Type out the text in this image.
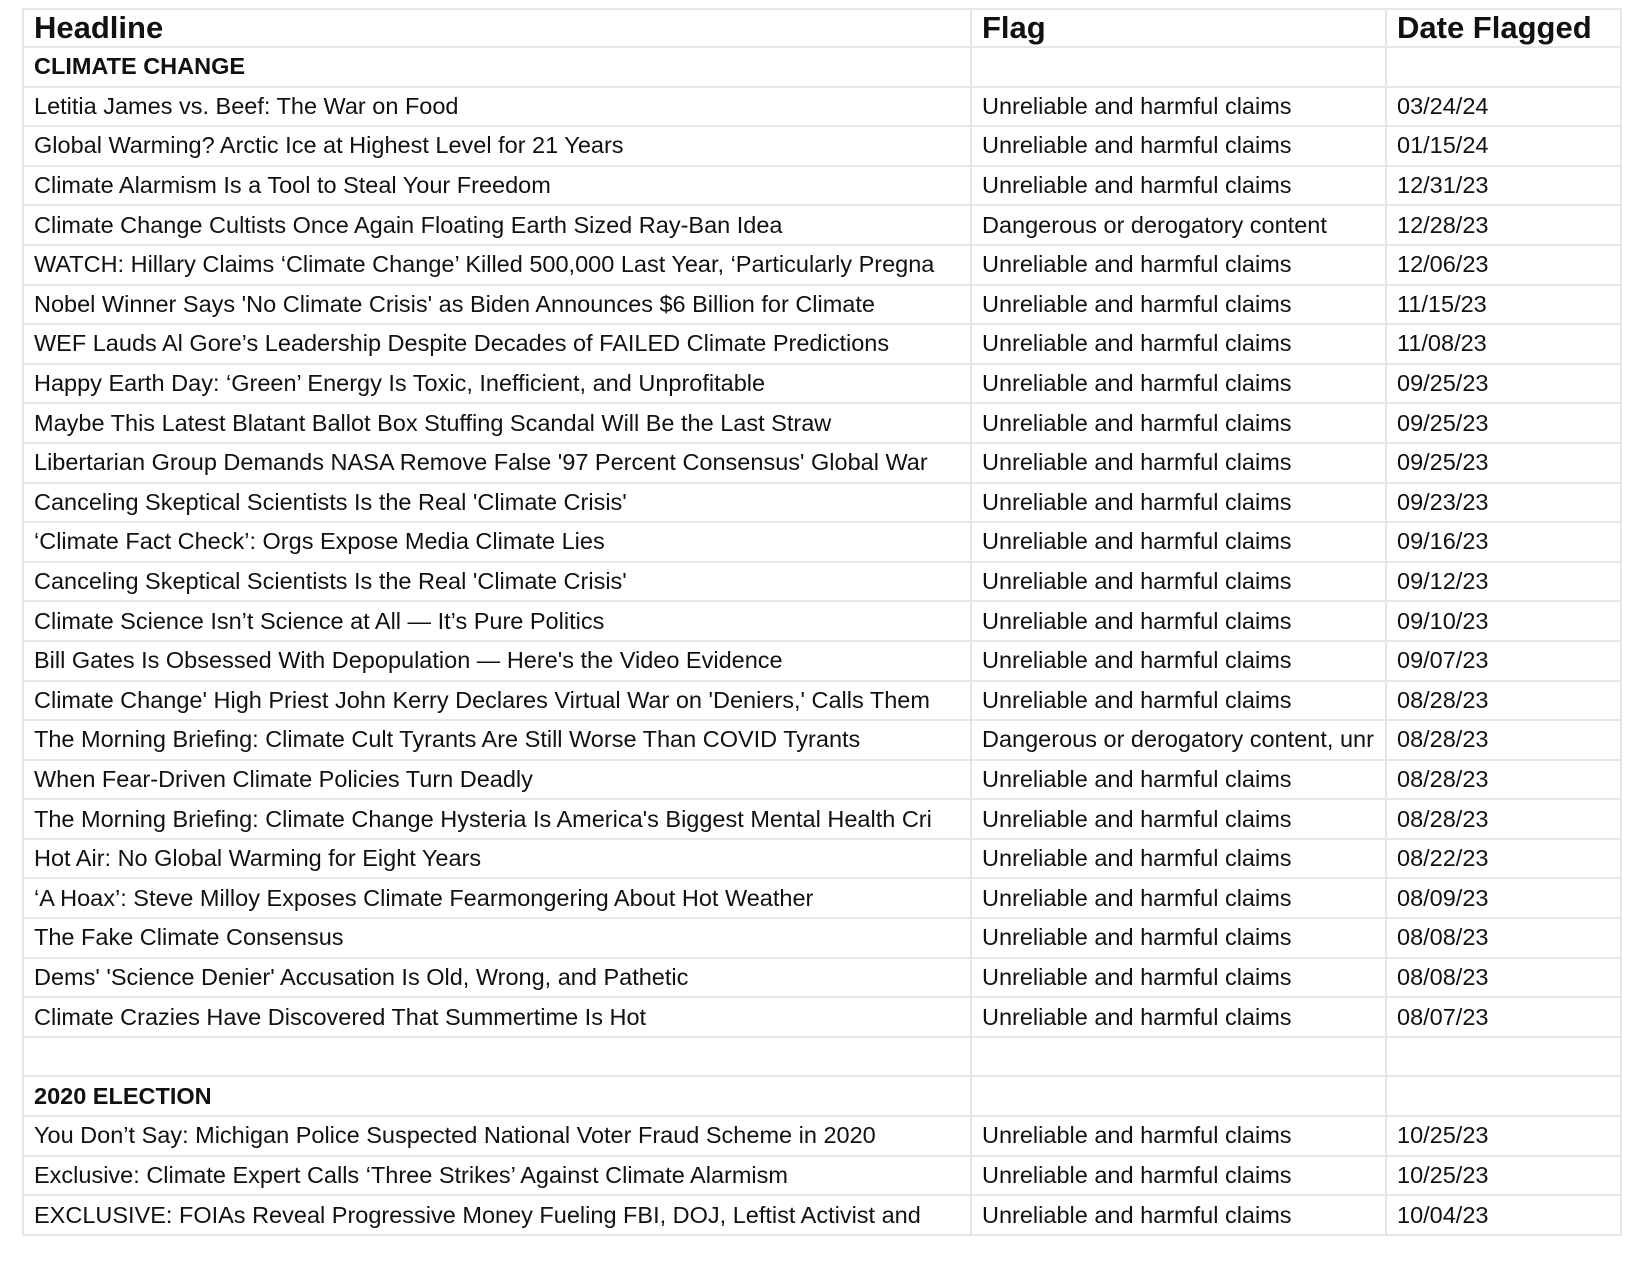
Headline	Flag	Date Flagged
CLIMATE CHANGE
Letitia James vs. Beef: The War on Food	Unreliable and harmful claims	03/24/24
Global Warming? Arctic Ice at Highest Level for 21 Years	Unreliable and harmful claims	01/15/24
Climate Alarmism Is a Tool to Steal Your Freedom	Unreliable and harmful claims	12/31/23
Climate Change Cultists Once Again Floating Earth Sized Ray-Ban Idea	Dangerous or derogatory content	12/28/23
WATCH: Hillary Claims ‘Climate Change’ Killed 500,000 Last Year, ‘Particularly Pregna	Unreliable and harmful claims	12/06/23
Nobel Winner Says 'No Climate Crisis' as Biden Announces $6 Billion for Climate	Unreliable and harmful claims	11/15/23
WEF Lauds Al Gore’s Leadership Despite Decades of FAILED Climate Predictions	Unreliable and harmful claims	11/08/23
Happy Earth Day: ‘Green’ Energy Is Toxic, Inefficient, and Unprofitable	Unreliable and harmful claims	09/25/23
Maybe This Latest Blatant Ballot Box Stuffing Scandal Will Be the Last Straw	Unreliable and harmful claims	09/25/23
Libertarian Group Demands NASA Remove False '97 Percent Consensus' Global War	Unreliable and harmful claims	09/25/23
Canceling Skeptical Scientists Is the Real 'Climate Crisis'	Unreliable and harmful claims	09/23/23
‘Climate Fact Check’: Orgs Expose Media Climate Lies	Unreliable and harmful claims	09/16/23
Canceling Skeptical Scientists Is the Real 'Climate Crisis'	Unreliable and harmful claims	09/12/23
Climate Science Isn’t Science at All — It’s Pure Politics	Unreliable and harmful claims	09/10/23
Bill Gates Is Obsessed With Depopulation — Here's the Video Evidence	Unreliable and harmful claims	09/07/23
Climate Change' High Priest John Kerry Declares Virtual War on 'Deniers,' Calls Them	Unreliable and harmful claims	08/28/23
The Morning Briefing: Climate Cult Tyrants Are Still Worse Than COVID Tyrants	Dangerous or derogatory content, unr 08/28/23
When Fear-Driven Climate Policies Turn Deadly	Unreliable and harmful claims	08/28/23
The Morning Briefing: Climate Change Hysteria Is America's Biggest Mental Health Cri	Unreliable and harmful claims	08/28/23
Hot Air: No Global Warming for Eight Years	Unreliable and harmful claims	08/22/23
‘A Hoax’: Steve Milloy Exposes Climate Fearmongering About Hot Weather	Unreliable and harmful claims	08/09/23
The Fake Climate Consensus	Unreliable and harmful claims	08/08/23
Dems' 'Science Denier' Accusation Is Old, Wrong, and Pathetic	Unreliable and harmful claims	08/08/23
Climate Crazies Have Discovered That Summertime Is Hot	Unreliable and harmful claims	08/07/23
2020 ELECTION
You Don’t Say: Michigan Police Suspected National Voter Fraud Scheme in 2020	Unreliable and harmful claims	10/25/23
Exclusive: Climate Expert Calls ‘Three Strikes’ Against Climate Alarmism	Unreliable and harmful claims	10/25/23
EXCLUSIVE: FOIAs Reveal Progressive Money Fueling FBI, DOJ, Leftist Activist and	Unreliable and harmful claims	10/04/23
